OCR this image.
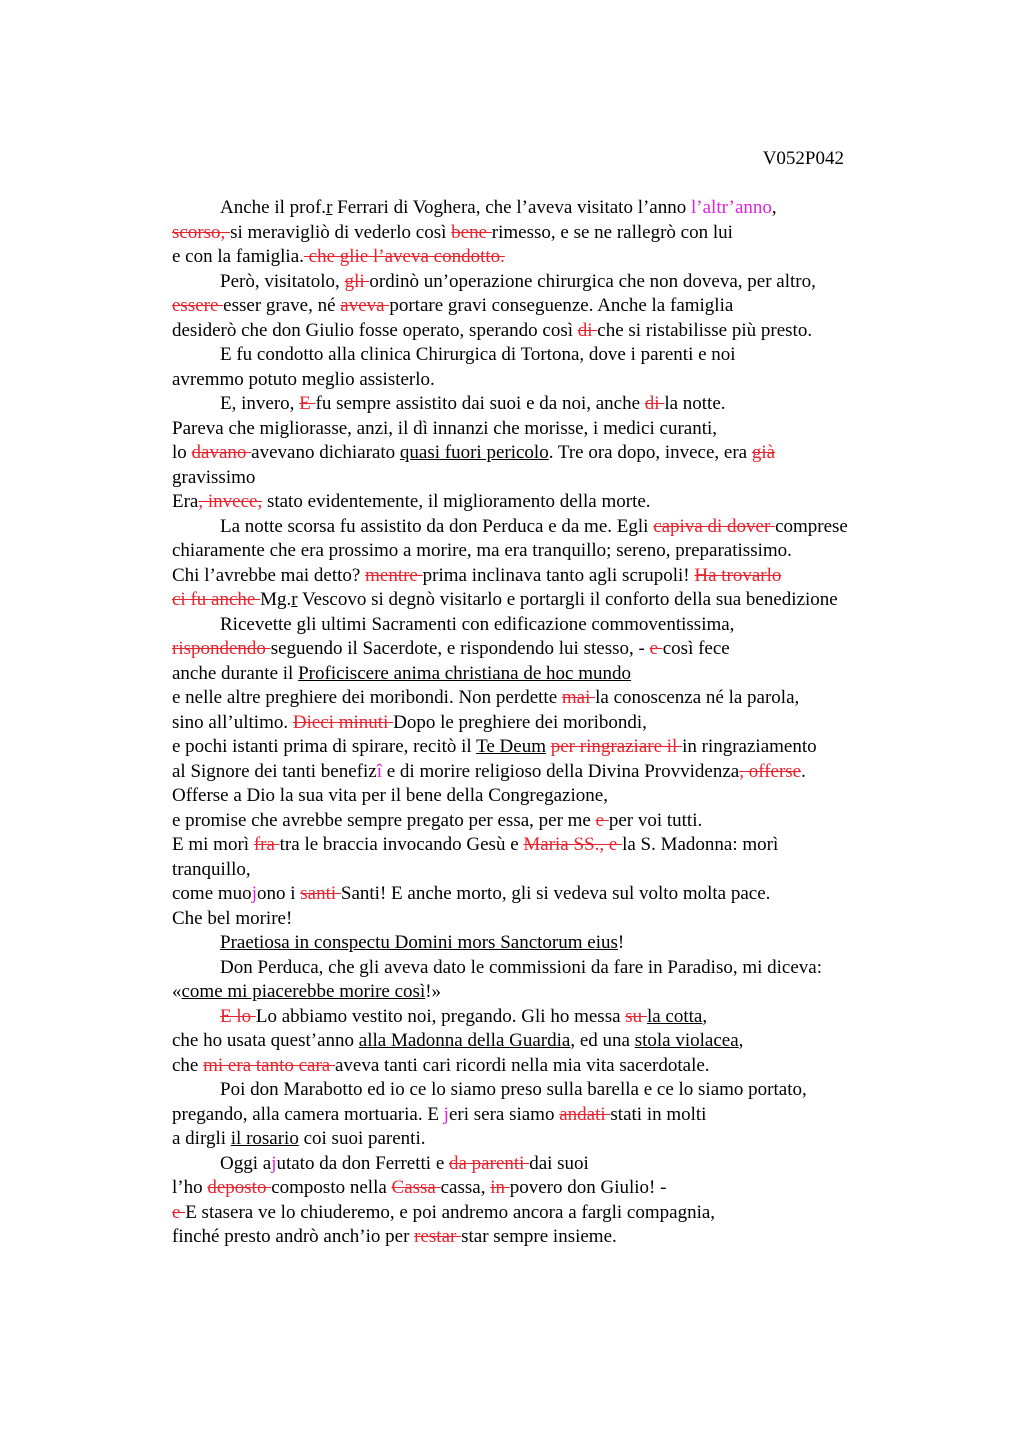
V052P042

Anche il prof.r Ferrari di Voghera, che l’aveva visitato l’anno l’altr’anno,
scorso, si meravigliò di vederlo così bene rimesso, e se ne rallegrò con lui
e con la famiglia. che glie l’aveva condotto.
Però, visitatolo, gli ordinò un’operazione chirurgica che non doveva, per altro,
essere esser grave, né aveva portare gravi conseguenze. Anche la famiglia
desiderò che don Giulio fosse operato, sperando così di che si ristabilisse più presto.
E fu condotto alla clinica Chirurgica di Tortona, dove i parenti e noi
avremmo potuto meglio assisterlo.
E, invero, E fu sempre assistito dai suoi e da noi, anche di la notte.
Pareva che migliorasse, anzi, il dì innanzi che morisse, i medici curanti,
lo davano avevano dichiarato quasi fuori pericolo. Tre ora dopo, invece, era già
gravissimo
Era, invece, stato evidentemente, il miglioramento della morte.
La notte scorsa fu assistito da don Perduca e da me. Egli capiva di dover comprese
chiaramente che era prossimo a morire, ma era tranquillo; sereno, preparatissimo.
Chi l’avrebbe mai detto? mentre prima inclinava tanto agli scrupoli! Ha trovarlo
ci fu anche Mg.r Vescovo si degnò visitarlo e portargli il conforto della sua benedizione
Ricevette gli ultimi Sacramenti con edificazione commoventissima,
rispondendo seguendo il Sacerdote, e rispondendo lui stesso, - e così fece
anche durante il Proficiscere anima christiana de hoc mundo
e nelle altre preghiere dei moribondi. Non perdette mai la conoscenza né la parola,
sino all’ultimo. Dieci minuti Dopo le preghiere dei moribondi,
e pochi istanti prima di spirare, recitò il Te Deum per ringraziare il in ringraziamento
al Signore dei tanti benefizî e di morire religioso della Divina Provvidenza, offerse.
Offerse a Dio la sua vita per il bene della Congregazione,
e promise che avrebbe sempre pregato per essa, per me e per voi tutti.
E mi morì fra tra le braccia invocando Gesù e Maria SS., e la S. Madonna: morì
tranquillo,
come muojono i santi Santi! E anche morto, gli si vedeva sul volto molta pace.
Che bel morire!
Praetiosa in conspectu Domini mors Sanctorum eius!
Don Perduca, che gli aveva dato le commissioni da fare in Paradiso, mi diceva:
«come mi piacerebbe morire così!»
E lo Lo abbiamo vestito noi, pregando. Gli ho messa su la cotta,
che ho usata quest’anno alla Madonna della Guardia, ed una stola violacea,
che mi era tanto cara aveva tanti cari ricordi nella mia vita sacerdotale.
Poi don Marabotto ed io ce lo siamo preso sulla barella e ce lo siamo portato,
pregando, alla camera mortuaria. E jeri sera siamo andati stati in molti
a dirgli il rosario coi suoi parenti.
Oggi ajutato da don Ferretti e da parenti dai suoi
l’ho deposto composto nella Cassa cassa, in povero don Giulio! -
e E stasera ve lo chiuderemo, e poi andremo ancora a fargli compagnia,
finché presto andrò anch’io per restar star sempre insieme.
